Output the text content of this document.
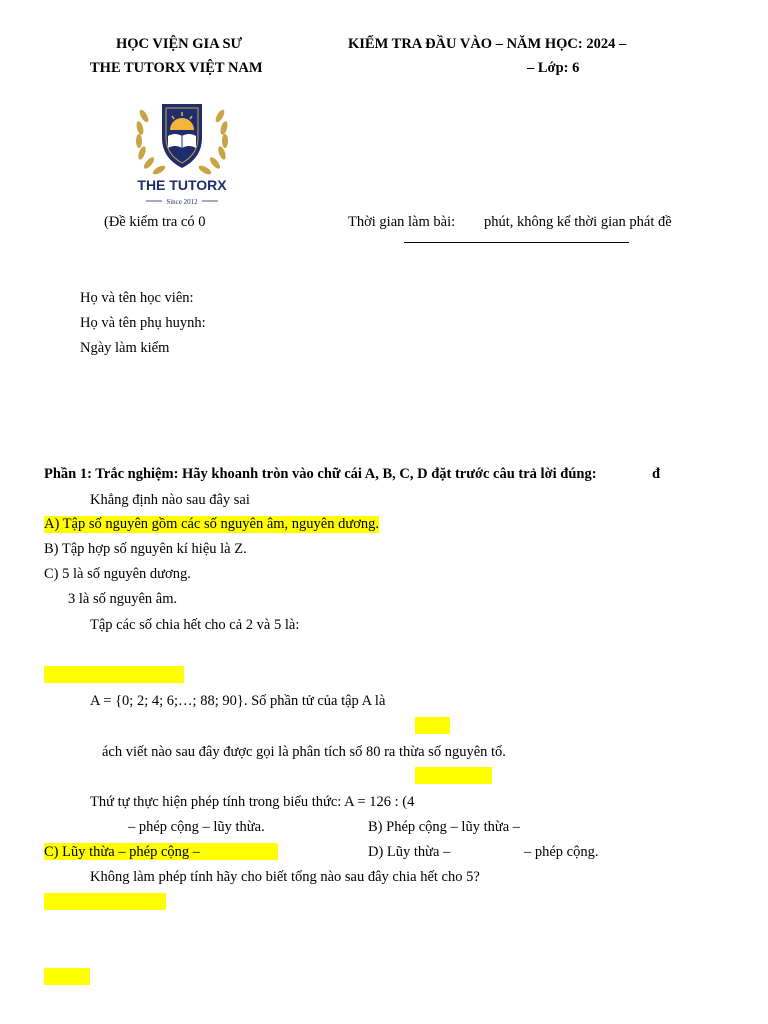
HỌC VIỆN GIA SƯ
THE TUTORX VIỆT NAM
KIỂM TRA ĐẦU VÀO – NĂM HỌC: 2024 –
– Lớp: 6
THE TUTORX
Since 2012
(Đề kiểm tra có 0	Thời gian làm bài: phút, không kể thời gian phát đề
Họ và tên học viên:
Họ và tên phụ huynh:
Ngày làm kiểm
Phần 1: Trắc nghiệm: Hãy khoanh tròn vào chữ cái A, B, C, D đặt trước câu trả lời đúng:	đ
Khẳng định nào sau đây sai
A) Tập số nguyên gồm các số nguyên âm, nguyên dương.
B) Tập hợp số nguyên kí hiệu là Z.
C) 5 là số nguyên dương.
3 là số nguyên âm.
Tập các số chia hết cho cả 2 và 5 là:
A = {0; 2; 4; 6;…; 88; 90}. Số phần tử của tập A là
ách viết nào sau đây được gọi là phân tích số 80 ra thừa số nguyên tố.
Thứ tự thực hiện phép tính trong biểu thức: A = 126 : (4
– phép cộng – lũy thừa.	B) Phép cộng – lũy thừa –
C) Lũy thừa – phép cộng –	D) Lũy thừa –	– phép cộng.
Không làm phép tính hãy cho biết tổng nào sau đây chia hết cho 5?
